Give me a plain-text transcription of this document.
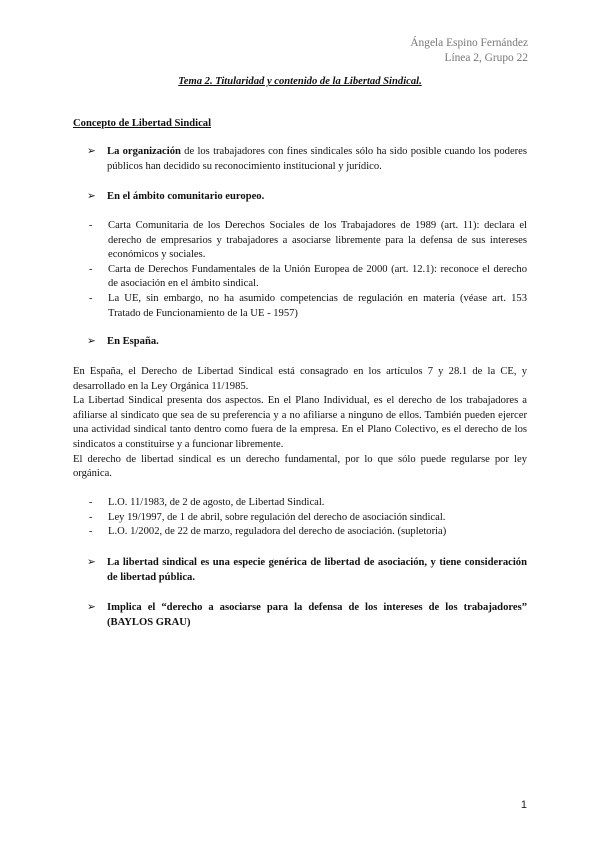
Ángela Espino Fernández
Línea 2, Grupo 22
Tema 2. Titularidad y contenido de la Libertad Sindical.
Concepto de Libertad Sindical
➢ La organización de los trabajadores con fines sindicales sólo ha sido posible cuando los poderes públicos han decidido su reconocimiento institucional y jurídico.
➢ En el ámbito comunitario europeo.
- Carta Comunitaria de los Derechos Sociales de los Trabajadores de 1989 (art. 11): declara el derecho de empresarios y trabajadores a asociarse libremente para la defensa de sus intereses económicos y sociales.
- Carta de Derechos Fundamentales de la Unión Europea de 2000 (art. 12.1): reconoce el derecho de asociación en el ámbito sindical.
- La UE, sin embargo, no ha asumido competencias de regulación en materia (véase art. 153 Tratado de Funcionamiento de la UE - 1957)
➢ En España.

En España, el Derecho de Libertad Sindical está consagrado en los artículos 7 y 28.1 de la CE, y desarrollado en la Ley Orgánica 11/1985.

La Libertad Sindical presenta dos aspectos. En el Plano Individual, es el derecho de los trabajadores a afiliarse al sindicato que sea de su preferencia y a no afiliarse a ninguno de ellos. También pueden ejercer una actividad sindical tanto dentro como fuera de la empresa. En el Plano Colectivo, es el derecho de los sindicatos a constituirse y a funcionar libremente.

El derecho de libertad sindical es un derecho fundamental, por lo que sólo puede regularse por ley orgánica.

- L.O. 11/1983, de 2 de agosto, de Libertad Sindical.
- Ley 19/1997, de 1 de abril, sobre regulación del derecho de asociación sindical.
- L.O. 1/2002, de 22 de marzo, reguladora del derecho de asociación. (supletoria)
➢ La libertad sindical es una especie genérica de libertad de asociación, y tiene consideración de libertad pública.
➢ Implica el “derecho a asociarse para la defensa de los intereses de los trabajadores” (BAYLOS GRAU)
1
